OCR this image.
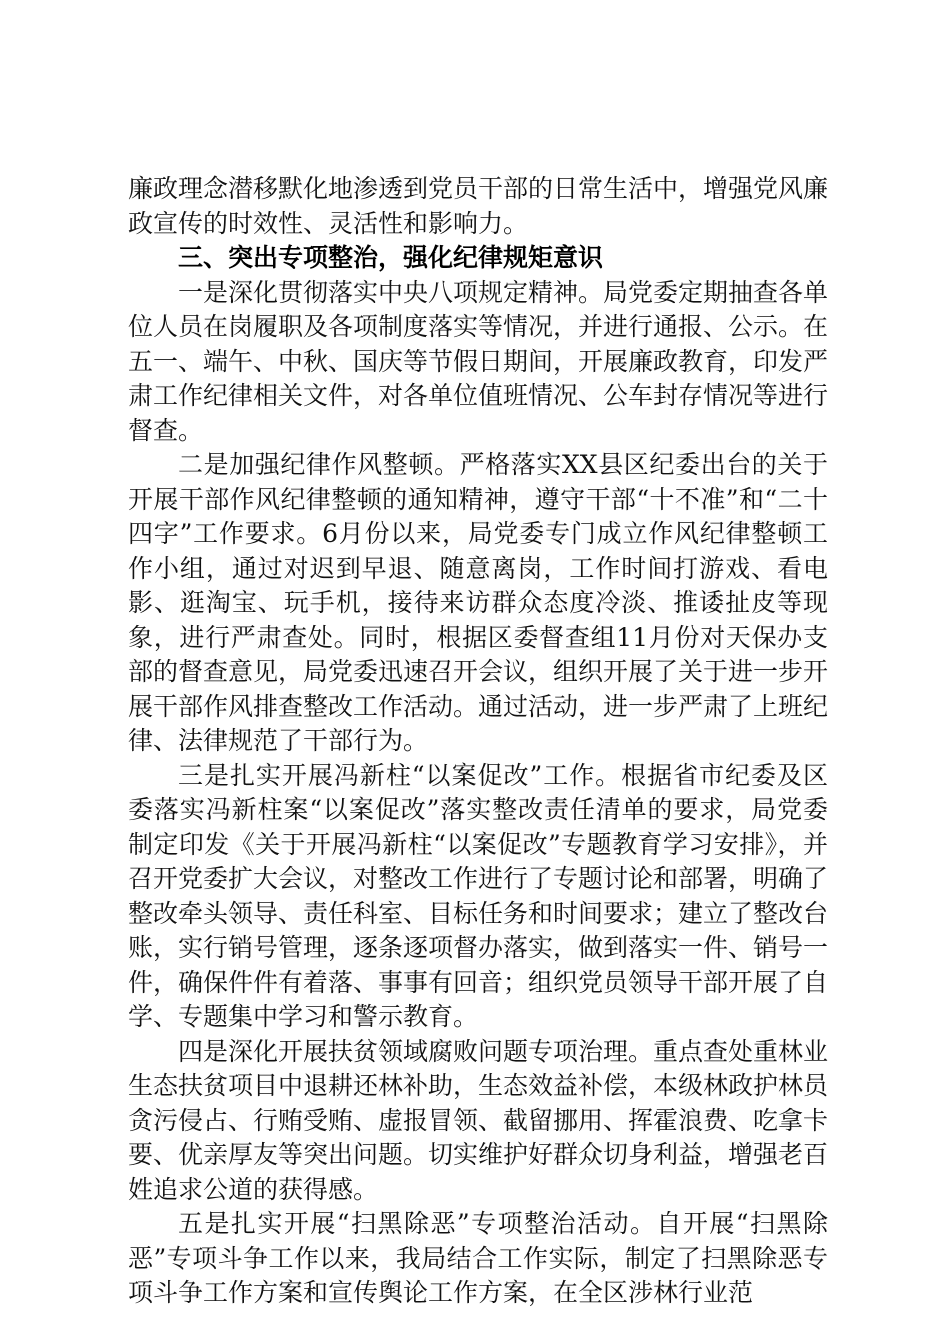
廉政理念潜移默化地渗透到党员干部的日常生活中，增强党风廉政宣传的时效性、灵活性和影响力。

三、突出专项整治，强化纪律规矩意识

一是深化贯彻落实中央八项规定精神。局党委定期抽查各单位人员在岗履职及各项制度落实等情况，并进行通报、公示。在五一、端午、中秋、国庆等节假日期间，开展廉政教育，印发严肃工作纪律相关文件，对各单位值班情况、公车封存情况等进行督查。

二是加强纪律作风整顿。严格落实XX县区纪委出台的关于开展干部作风纪律整顿的通知精神，遵守干部“十不准”和“二十四字”工作要求。6月份以来，局党委专门成立作风纪律整顿工作小组，通过对迟到早退、随意离岗，工作时间打游戏、看电影、逛淘宝、玩手机，接待来访群众态度冷淡、推诿扯皮等现象，进行严肃查处。同时，根据区委督查组11月份对天保办支部的督查意见，局党委迅速召开会议，组织开展了关于进一步开展干部作风排查整改工作活动。通过活动，进一步严肃了上班纪律、法律规范了干部行为。

三是扎实开展冯新柱“以案促改”工作。根据省市纪委及区委落实冯新柱案“以案促改”落实整改责任清单的要求，局党委制定印发《关于开展冯新柱“以案促改”专题教育学习安排》，并召开党委扩大会议，对整改工作进行了专题讨论和部署，明确了整改牵头领导、责任科室、目标任务和时间要求；建立了整改台账，实行销号管理，逐条逐项督办落实，做到落实一件、销号一件，确保件件有着落、事事有回音；组织党员领导干部开展了自学、专题集中学习和警示教育。

四是深化开展扶贫领域腐败问题专项治理。重点查处重林业生态扶贫项目中退耕还林补助，生态效益补偿，本级林政护林员贪污侵占、行贿受贿、虚报冒领、截留挪用、挥霍浪费、吃拿卡要、优亲厚友等突出问题。切实维护好群众切身利益，增强老百姓追求公道的获得感。

五是扎实开展“扫黑除恶”专项整治活动。自开展“扫黑除恶”专项斗争工作以来，我局结合工作实际，制定了扫黑除恶专项斗争工作方案和宣传舆论工作方案，在全区涉林行业范
